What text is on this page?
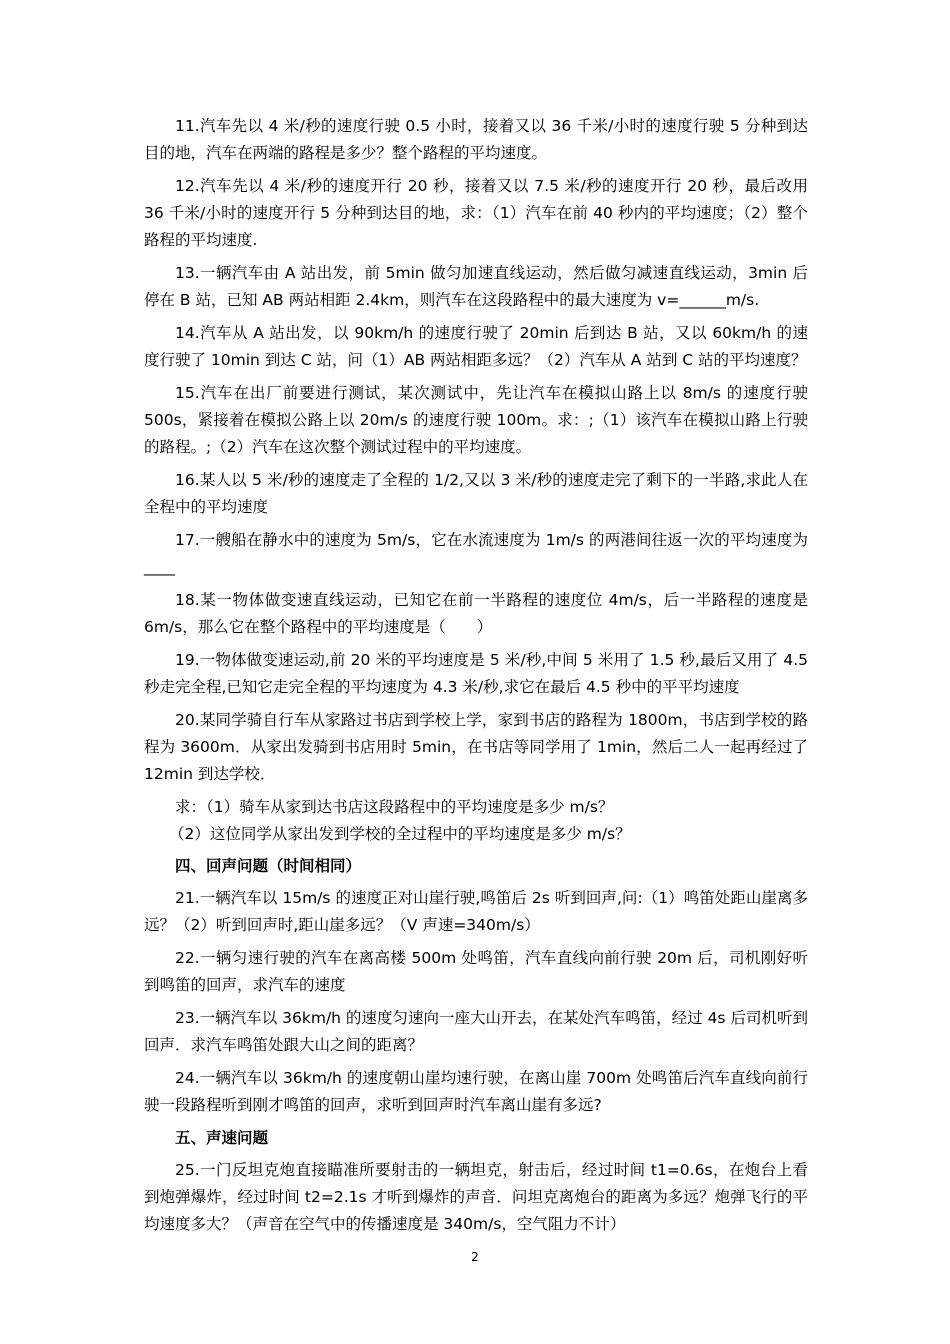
11.汽车先以 4 米/秒的速度行驶 0.5 小时，接着又以 36 千米/小时的速度行驶 5 分种到达目的地，汽车在两端的路程是多少？整个路程的平均速度。

12.汽车先以 4 米/秒的速度开行 20 秒，接着又以 7.5 米/秒的速度开行 20 秒，最后改用 36 千米/小时的速度开行 5 分种到达目的地，求：（1）汽车在前 40 秒内的平均速度；（2）整个路程的平均速度.

13.一辆汽车由 A 站出发，前 5min 做匀加速直线运动，然后做匀减速直线运动，3min 后停在 B 站，已知 AB 两站相距 2.4km，则汽车在这段路程中的最大速度为 v=______m/s.

14.汽车从 A 站出发，以 90km/h 的速度行驶了 20min 后到达 B 站，又以 60km/h 的速度行驶了 10min 到达 C 站，问（1）AB 两站相距多远？（2）汽车从 A 站到 C 站的平均速度？

15.汽车在出厂前要进行测试，某次测试中，先让汽车在模拟山路上以 8m/s 的速度行驶 500s，紧接着在模拟公路上以 20m/s 的速度行驶 100m。求：;（1）该汽车在模拟山路上行驶的路程。;（2）汽车在这次整个测试过程中的平均速度。

16.某人以 5 米/秒的速度走了全程的 1/2,又以 3 米/秒的速度走完了剩下的一半路,求此人在全程中的平均速度

17.一艘船在静水中的速度为 5m/s，它在水流速度为 1m/s 的两港间往返一次的平均速度为____

18.某一物体做变速直线运动，已知它在前一半路程的速度位 4m/s，后一半路程的速度是 6m/s，那么它在整个路程中的平均速度是（　　）

19.一物体做变速运动,前 20 米的平均速度是 5 米/秒,中间 5 米用了 1.5 秒,最后又用了 4.5 秒走完全程,已知它走完全程的平均速度为 4.3 米/秒,求它在最后 4.5 秒中的平平均速度

20.某同学骑自行车从家路过书店到学校上学，家到书店的路程为 1800m，书店到学校的路程为 3600m．从家出发骑到书店用时 5min，在书店等同学用了 1min，然后二人一起再经过了 12min 到达学校．

求：（1）骑车从家到达书店这段路程中的平均速度是多少 m/s？

（2）这位同学从家出发到学校的全过程中的平均速度是多少 m/s？

四、回声问题（时间相同）

21.一辆汽车以 15m/s 的速度正对山崖行驶,鸣笛后 2s 听到回声,问:（1）鸣笛处距山崖离多远？（2）听到回声时,距山崖多远？（V 声速=340m/s）

22.一辆匀速行驶的汽车在离高楼 500m 处鸣笛，汽车直线向前行驶 20m 后，司机刚好听到鸣笛的回声，求汽车的速度

23.一辆汽车以 36km/h 的速度匀速向一座大山开去，在某处汽车鸣笛，经过 4s 后司机听到回声．求汽车鸣笛处跟大山之间的距离？

24.一辆汽车以 36km/h 的速度朝山崖均速行驶，在离山崖 700m 处鸣笛后汽车直线向前行驶一段路程听到刚才鸣笛的回声，求听到回声时汽车离山崖有多远?

五、声速问题

25.一门反坦克炮直接瞄准所要射击的一辆坦克，射击后，经过时间 t1=0.6s，在炮台上看到炮弹爆炸，经过时间 t2=2.1s 才听到爆炸的声音．问坦克离炮台的距离为多远？炮弹飞行的平均速度多大？（声音在空气中的传播速度是 340m/s，空气阻力不计）

2
